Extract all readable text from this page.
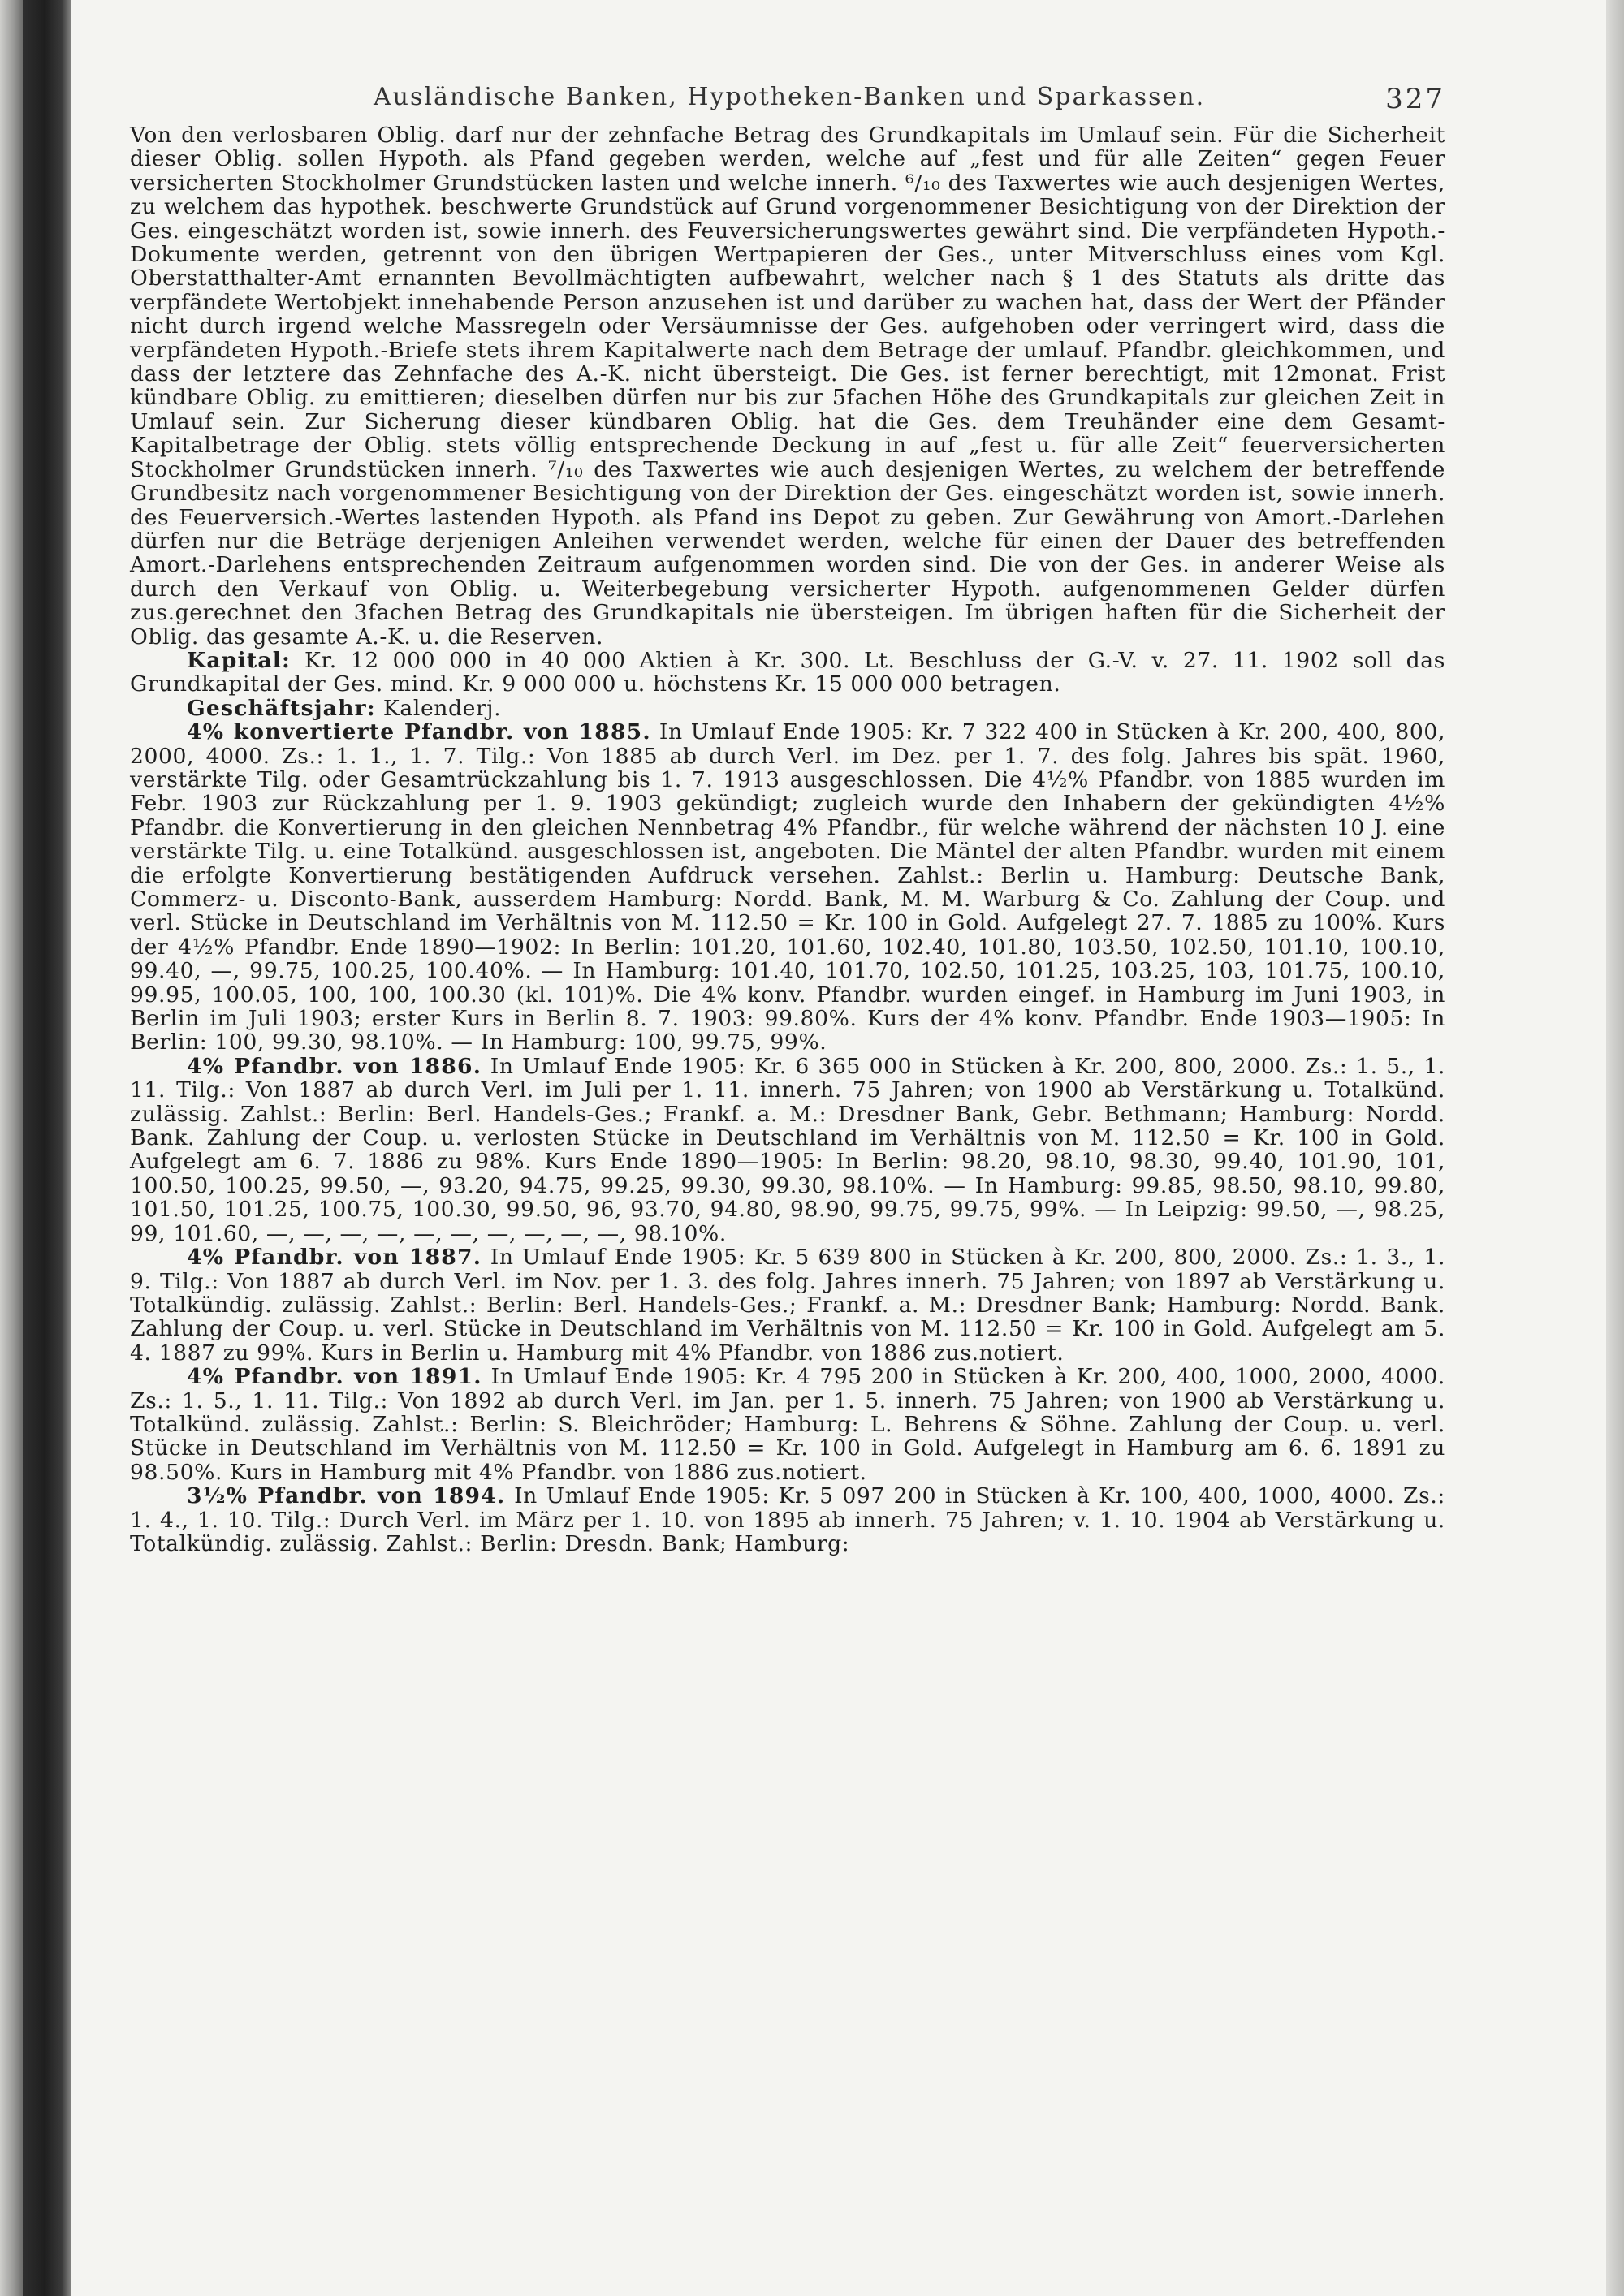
Ausländische Banken, Hypotheken-Banken und Sparkassen.	327

Von den verlosbaren Oblig. darf nur der zehnfache Betrag des Grundkapitals im Umlauf sein. Für die Sicherheit dieser Oblig. sollen Hypoth. als Pfand gegeben werden, welche auf „fest und für alle Zeiten“ gegen Feuer versicherten Stockholmer Grundstücken lasten und welche innerh. ⁶/₁₀ des Taxwertes wie auch desjenigen Wertes, zu welchem das hypothek. beschwerte Grundstück auf Grund vorgenommener Besichtigung von der Direktion der Ges. eingeschätzt worden ist, sowie innerh. des Feuversicherungswertes gewährt sind. Die verpfändeten Hypoth.-Dokumente werden, getrennt von den übrigen Wertpapieren der Ges., unter Mitverschluss eines vom Kgl. Oberstatthalter-Amt ernannten Bevollmächtigten aufbewahrt, welcher nach § 1 des Statuts als dritte das verpfändete Wertobjekt innehabende Person anzusehen ist und darüber zu wachen hat, dass der Wert der Pfänder nicht durch irgend welche Massregeln oder Versäumnisse der Ges. aufgehoben oder verringert wird, dass die verpfändeten Hypoth.-Briefe stets ihrem Kapitalwerte nach dem Betrage der umlauf. Pfandbr. gleichkommen, und dass der letztere das Zehnfache des A.-K. nicht übersteigt. Die Ges. ist ferner berechtigt, mit 12monat. Frist kündbare Oblig. zu emittieren; dieselben dürfen nur bis zur 5fachen Höhe des Grundkapitals zur gleichen Zeit in Umlauf sein. Zur Sicherung dieser kündbaren Oblig. hat die Ges. dem Treuhänder eine dem Gesamt-Kapitalbetrage der Oblig. stets völlig entsprechende Deckung in auf „fest u. für alle Zeit“ feuerversicherten Stockholmer Grundstücken innerh. ⁷/₁₀ des Taxwertes wie auch desjenigen Wertes, zu welchem der betreffende Grundbesitz nach vorgenommener Besichtigung von der Direktion der Ges. eingeschätzt worden ist, sowie innerh. des Feuerversich.-Wertes lastenden Hypoth. als Pfand ins Depot zu geben. Zur Gewährung von Amort.-Darlehen dürfen nur die Beträge derjenigen Anleihen verwendet werden, welche für einen der Dauer des betreffenden Amort.-Darlehens entsprechenden Zeitraum aufgenommen worden sind. Die von der Ges. in anderer Weise als durch den Verkauf von Oblig. u. Weiterbegebung versicherter Hypoth. aufgenommenen Gelder dürfen zus.gerechnet den 3fachen Betrag des Grundkapitals nie übersteigen. Im übrigen haften für die Sicherheit der Oblig. das gesamte A.-K. u. die Reserven.

Kapital: Kr. 12 000 000 in 40 000 Aktien à Kr. 300. Lt. Beschluss der G.-V. v. 27. 11. 1902 soll das Grundkapital der Ges. mind. Kr. 9 000 000 u. höchstens Kr. 15 000 000 betragen.

Geschäftsjahr: Kalenderj.

4% konvertierte Pfandbr. von 1885. In Umlauf Ende 1905: Kr. 7 322 400 in Stücken à Kr. 200, 400, 800, 2000, 4000. Zs.: 1. 1., 1. 7. Tilg.: Von 1885 ab durch Verl. im Dez. per 1. 7. des folg. Jahres bis spät. 1960, verstärkte Tilg. oder Gesamtrückzahlung bis 1. 7. 1913 ausgeschlossen. Die 4½% Pfandbr. von 1885 wurden im Febr. 1903 zur Rückzahlung per 1. 9. 1903 gekündigt; zugleich wurde den Inhabern der gekündigten 4½% Pfandbr. die Konvertierung in den gleichen Nennbetrag 4% Pfandbr., für welche während der nächsten 10 J. eine verstärkte Tilg. u. eine Totalkünd. ausgeschlossen ist, angeboten. Die Mäntel der alten Pfandbr. wurden mit einem die erfolgte Konvertierung bestätigenden Aufdruck versehen. Zahlst.: Berlin u. Hamburg: Deutsche Bank, Commerz- u. Disconto-Bank, ausserdem Hamburg: Nordd. Bank, M. M. Warburg & Co. Zahlung der Coup. und verl. Stücke in Deutschland im Verhältnis von M. 112.50 = Kr. 100 in Gold. Aufgelegt 27. 7. 1885 zu 100%. Kurs der 4½% Pfandbr. Ende 1890—1902: In Berlin: 101.20, 101.60, 102.40, 101.80, 103.50, 102.50, 101.10, 100.10, 99.40, —, 99.75, 100.25, 100.40%. — In Hamburg: 101.40, 101.70, 102.50, 101.25, 103.25, 103, 101.75, 100.10, 99.95, 100.05, 100, 100, 100.30 (kl. 101)%. Die 4% konv. Pfandbr. wurden eingef. in Hamburg im Juni 1903, in Berlin im Juli 1903; erster Kurs in Berlin 8. 7. 1903: 99.80%. Kurs der 4% konv. Pfandbr. Ende 1903—1905: In Berlin: 100, 99.30, 98.10%. — In Hamburg: 100, 99.75, 99%.

4% Pfandbr. von 1886. In Umlauf Ende 1905: Kr. 6 365 000 in Stücken à Kr. 200, 800, 2000. Zs.: 1. 5., 1. 11. Tilg.: Von 1887 ab durch Verl. im Juli per 1. 11. innerh. 75 Jahren; von 1900 ab Verstärkung u. Totalkünd. zulässig. Zahlst.: Berlin: Berl. Handels-Ges.; Frankf. a. M.: Dresdner Bank, Gebr. Bethmann; Hamburg: Nordd. Bank. Zahlung der Coup. u. verlosten Stücke in Deutschland im Verhältnis von M. 112.50 = Kr. 100 in Gold. Aufgelegt am 6. 7. 1886 zu 98%. Kurs Ende 1890—1905: In Berlin: 98.20, 98.10, 98.30, 99.40, 101.90, 101, 100.50, 100.25, 99.50, —, 93.20, 94.75, 99.25, 99.30, 99.30, 98.10%. — In Hamburg: 99.85, 98.50, 98.10, 99.80, 101.50, 101.25, 100.75, 100.30, 99.50, 96, 93.70, 94.80, 98.90, 99.75, 99.75, 99%. — In Leipzig: 99.50, —, 98.25, 99, 101.60, —, —, —, —, —, —, —, —, —, —, 98.10%.

4% Pfandbr. von 1887. In Umlauf Ende 1905: Kr. 5 639 800 in Stücken à Kr. 200, 800, 2000. Zs.: 1. 3., 1. 9. Tilg.: Von 1887 ab durch Verl. im Nov. per 1. 3. des folg. Jahres innerh. 75 Jahren; von 1897 ab Verstärkung u. Totalkündig. zulässig. Zahlst.: Berlin: Berl. Handels-Ges.; Frankf. a. M.: Dresdner Bank; Hamburg: Nordd. Bank. Zahlung der Coup. u. verl. Stücke in Deutschland im Verhältnis von M. 112.50 = Kr. 100 in Gold. Aufgelegt am 5. 4. 1887 zu 99%. Kurs in Berlin u. Hamburg mit 4% Pfandbr. von 1886 zus.notiert.

4% Pfandbr. von 1891. In Umlauf Ende 1905: Kr. 4 795 200 in Stücken à Kr. 200, 400, 1000, 2000, 4000. Zs.: 1. 5., 1. 11. Tilg.: Von 1892 ab durch Verl. im Jan. per 1. 5. innerh. 75 Jahren; von 1900 ab Verstärkung u. Totalkünd. zulässig. Zahlst.: Berlin: S. Bleichröder; Hamburg: L. Behrens & Söhne. Zahlung der Coup. u. verl. Stücke in Deutschland im Verhältnis von M. 112.50 = Kr. 100 in Gold. Aufgelegt in Hamburg am 6. 6. 1891 zu 98.50%. Kurs in Hamburg mit 4% Pfandbr. von 1886 zus.notiert.

3½% Pfandbr. von 1894. In Umlauf Ende 1905: Kr. 5 097 200 in Stücken à Kr. 100, 400, 1000, 4000. Zs.: 1. 4., 1. 10. Tilg.: Durch Verl. im März per 1. 10. von 1895 ab innerh. 75 Jahren; v. 1. 10. 1904 ab Verstärkung u. Totalkündig. zulässig. Zahlst.: Berlin: Dresdn. Bank; Hamburg:
